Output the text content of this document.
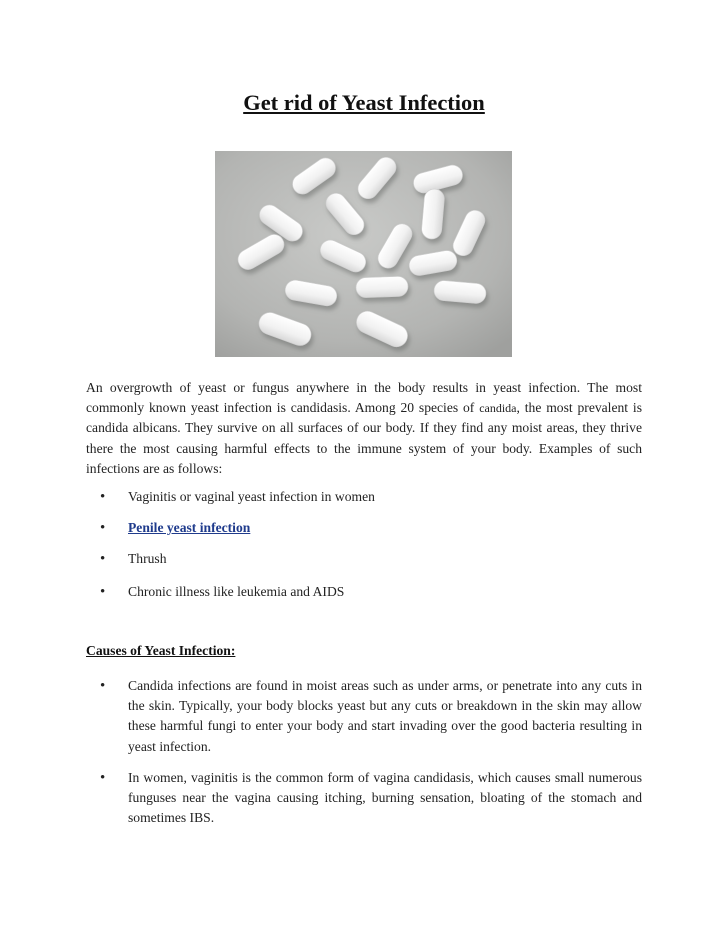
Get rid of Yeast Infection

An overgrowth of yeast or fungus anywhere in the body results in yeast infection. The most commonly known yeast infection is candidasis. Among 20 species of candida, the most prevalent is candida albicans. They survive on all surfaces of our body. If they find any moist areas, they thrive there the most causing harmful effects to the immune system of your body. Examples of such infections are as follows:

• Vaginitis or vaginal yeast infection in women
• Penile yeast infection
• Thrush
• Chronic illness like leukemia and AIDS
Causes of Yeast Infection:
• Candida infections are found in moist areas such as under arms, or penetrate into any cuts in the skin. Typically, your body blocks yeast but any cuts or breakdown in the skin may allow these harmful fungi to enter your body and start invading over the good bacteria resulting in yeast infection.
• In women, vaginitis is the common form of vagina candidasis, which causes small numerous funguses near the vagina causing itching, burning sensation, bloating of the stomach and sometimes IBS.
